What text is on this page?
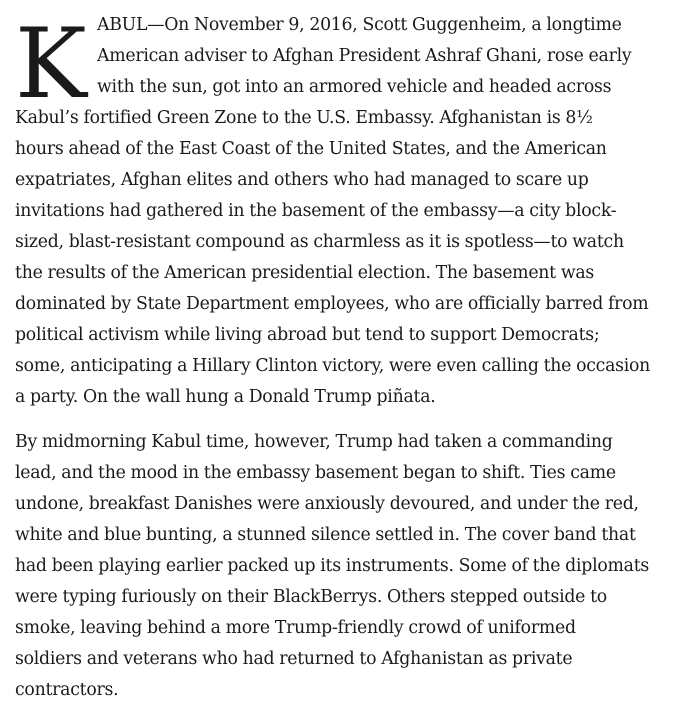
K ABUL—On November 9, 2016, Scott Guggenheim, a longtime
American adviser to Afghan President Ashraf Ghani, rose early
with the sun, got into an armored vehicle and headed across
Kabul’s fortified Green Zone to the U.S. Embassy. Afghanistan is 8½
hours ahead of the East Coast of the United States, and the American
expatriates, Afghan elites and others who had managed to scare up
invitations had gathered in the basement of the embassy—a city block-
sized, blast-resistant compound as charmless as it is spotless—to watch
the results of the American presidential election. The basement was
dominated by State Department employees, who are officially barred from
political activism while living abroad but tend to support Democrats;
some, anticipating a Hillary Clinton victory, were even calling the occasion
a party. On the wall hung a Donald Trump piñata.
By midmorning Kabul time, however, Trump had taken a commanding
lead, and the mood in the embassy basement began to shift. Ties came
undone, breakfast Danishes were anxiously devoured, and under the red,
white and blue bunting, a stunned silence settled in. The cover band that
had been playing earlier packed up its instruments. Some of the diplomats
were typing furiously on their BlackBerrys. Others stepped outside to
smoke, leaving behind a more Trump-friendly crowd of uniformed
soldiers and veterans who had returned to Afghanistan as private
contractors.
